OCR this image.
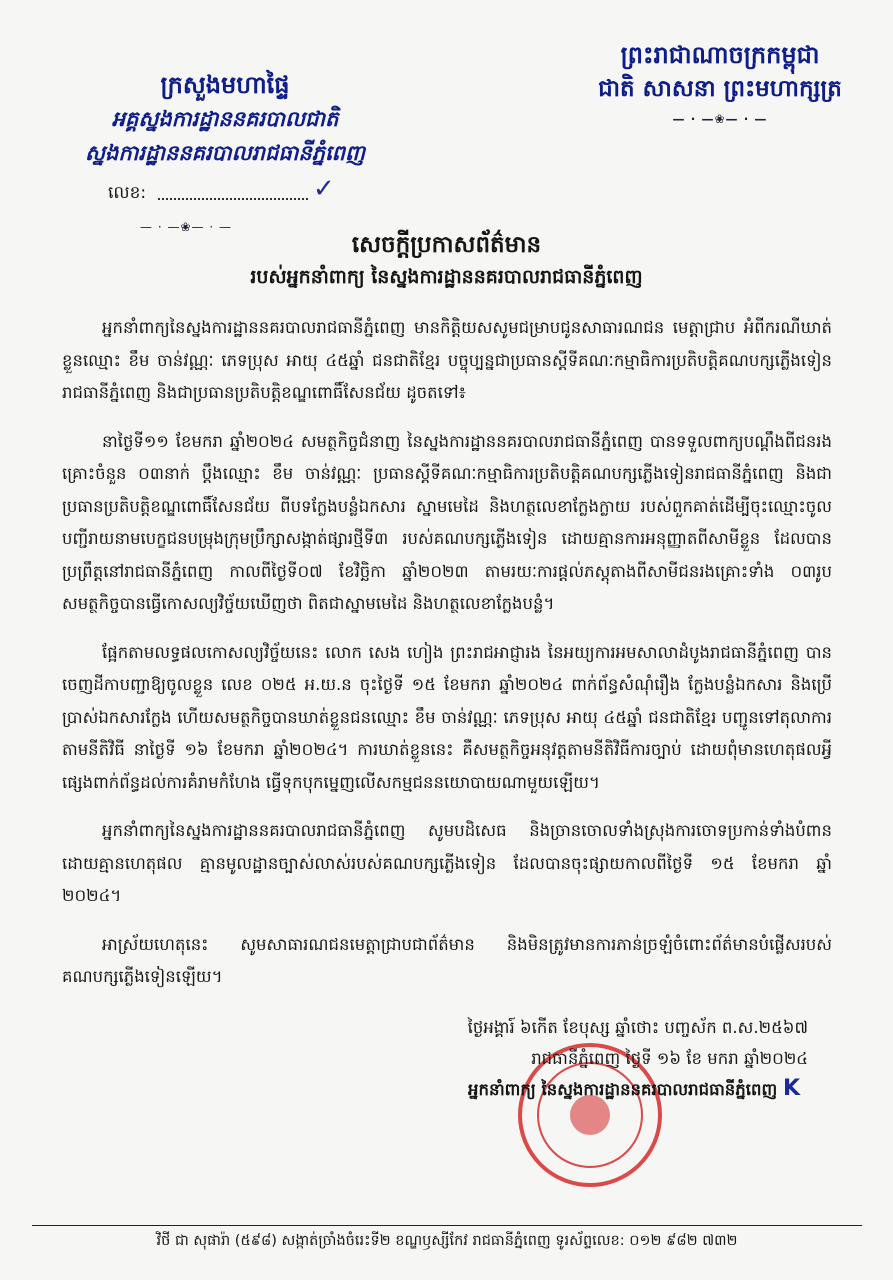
ព្រះរាជាណាចក្រកម្ពុជា
ជាតិ សាសនា ព្រះមហាក្សត្រ
— · —❀— · —
ក្រសួងមហាផ្ទៃ
អគ្គស្នងការដ្ឋាននគរបាលជាតិ
ស្នងការដ្ឋាននគរបាលរាជធានីភ្នំពេញ
លេខ:	✓
— · —❀— · —
សេចក្តីប្រកាសព័ត៌មាន
របស់អ្នកនាំពាក្យ នៃស្នងការដ្ឋាននគរបាលរាជធានីភ្នំពេញ

អ្នកនាំពាក្យនៃស្នងការដ្ឋាននគរបាលរាជធានីភ្នំពេញ មានកិត្តិយសសូមជម្រាបជូនសាធារណជន មេត្តាជ្រាប អំពីករណីឃាត់ខ្លួនឈ្មោះ ខឹម ចាន់វណ្ណៈ ភេទប្រុស អាយុ ៤៥ឆ្នាំ ជនជាតិខ្មែរ បច្ចុប្បន្នជាប្រធានស្តីទីគណៈកម្មាធិការប្រតិបត្តិគណបក្សភ្លើងទៀនរាជធានីភ្នំពេញ និងជាប្រធានប្រតិបត្តិខណ្ឌពោធិ៍សែនជ័យ ដូចតទៅ៖

នាថ្ងៃទី១១ ខែមករា ឆ្នាំ២០២៤ សមត្ថកិច្ចជំនាញ នៃស្នងការដ្ឋាននគរបាលរាជធានីភ្នំពេញ បានទទួលពាក្យបណ្តឹងពីជនរងគ្រោះចំនួន ០៣នាក់ ប្តឹងឈ្មោះ ខឹម ចាន់វណ្ណៈ ប្រធានស្តីទីគណៈកម្មាធិការប្រតិបត្តិគណបក្សភ្លើងទៀនរាជធានីភ្នំពេញ និងជាប្រធានប្រតិបត្តិខណ្ឌពោធិ៍សែនជ័យ ពីបទក្លែងបន្លំឯកសារ ស្នាមមេដៃ និងហត្ថលេខាក្លែងក្លាយ របស់ពួកគាត់ដើម្បីចុះឈ្មោះចូលបញ្ជីរាយនាមបេក្ខជនបម្រុងក្រុមប្រឹក្សាសង្កាត់ផ្សារថ្មីទី៣ របស់គណបក្សភ្លើងទៀន ដោយគ្មានការអនុញ្ញាតពីសាមីខ្លួន ដែលបានប្រព្រឹត្តនៅរាជធានីភ្នំពេញ កាលពីថ្ងៃទី០៧ ខែវិច្ឆិកា ឆ្នាំ២០២៣ តាមរយៈការផ្តល់ភស្តុតាងពីសាមីជនរងគ្រោះទាំង ០៣រូប សមត្ថកិច្ចបានធ្វើកោសល្យវិច្ច័យឃើញថា ពិតជាស្នាមមេដៃ និងហត្ថលេខាក្លែងបន្លំ។

ផ្អែកតាមលទ្ធផលកោសល្យវិច្ច័យនេះ លោក សេង ហៀង ព្រះរាជអាជ្ញារង នៃអយ្យការអមសាលាដំបូងរាជធានីភ្នំពេញ បានចេញដីកាបញ្ជាឱ្យចូលខ្លួន លេខ ០២៥ អ.យ.ន ចុះថ្ងៃទី ១៥ ខែមករា ឆ្នាំ២០២៤ ពាក់ព័ន្ធសំណុំរឿង ក្លែងបន្លំឯកសារ និងប្រើប្រាស់ឯកសារក្លែង ហើយសមត្ថកិច្ចបានឃាត់ខ្លួនជនឈ្មោះ ខឹម ចាន់វណ្ណៈ ភេទប្រុស អាយុ ៤៥ឆ្នាំ ជនជាតិខ្មែរ បញ្ជូនទៅតុលាការតាមនីតិវិធី នាថ្ងៃទី ១៦ ខែមករា ឆ្នាំ២០២៤។ ការឃាត់ខ្លួននេះ គឺសមត្ថកិច្ចអនុវត្តតាមនីតិវិធីការច្បាប់ ដោយពុំមានហេតុផលអ្វីផ្សេងពាក់ព័ន្ធដល់ការគំរាមកំហែង ធ្វើទុកបុកម្នេញលើសកម្មជននយោបាយណាមួយឡើយ។

អ្នកនាំពាក្យនៃស្នងការដ្ឋាននគរបាលរាជធានីភ្នំពេញ សូមបដិសេធ និងច្រានចោលទាំងស្រុងការចោទប្រកាន់ទាំងបំពាន ដោយគ្មានហេតុផល គ្មានមូលដ្ឋានច្បាស់លាស់របស់គណបក្សភ្លើងទៀន ដែលបានចុះផ្សាយកាលពីថ្ងៃទី ១៥ ខែមករា ឆ្នាំ ២០២៤។

អាស្រ័យហេតុនេះ សូមសាធារណជនមេត្តាជ្រាបជាព័ត៌មាន និងមិនត្រូវមានការភាន់ច្រឡំចំពោះព័ត៌មានបំផ្លើសរបស់គណបក្សភ្លើងទៀនឡើយ។

ថ្ងៃអង្គារ៍ ៦កើត ខែបុស្ស ឆ្នាំថោះ បញ្ចស័ក ព.ស.២៥៦៧
រាជធានីភ្នំពេញ ថ្ងៃទី ១៦ ខែ មករា ឆ្នាំ២០២៤
អ្នកនាំពាក្យ នៃស្នងការដ្ឋាននគរបាលរាជធានីភ្នំពេញ K
វិថី ជា សុផារ៉ា (៥៩៨) សង្កាត់ច្រាំងចំរេះទី២ ខណ្ឌឫស្សីកែវ រាជធានីភ្នំពេញ ទូរស័ព្ទលេខ: ០១២ ៩៨២ ៧៣២
